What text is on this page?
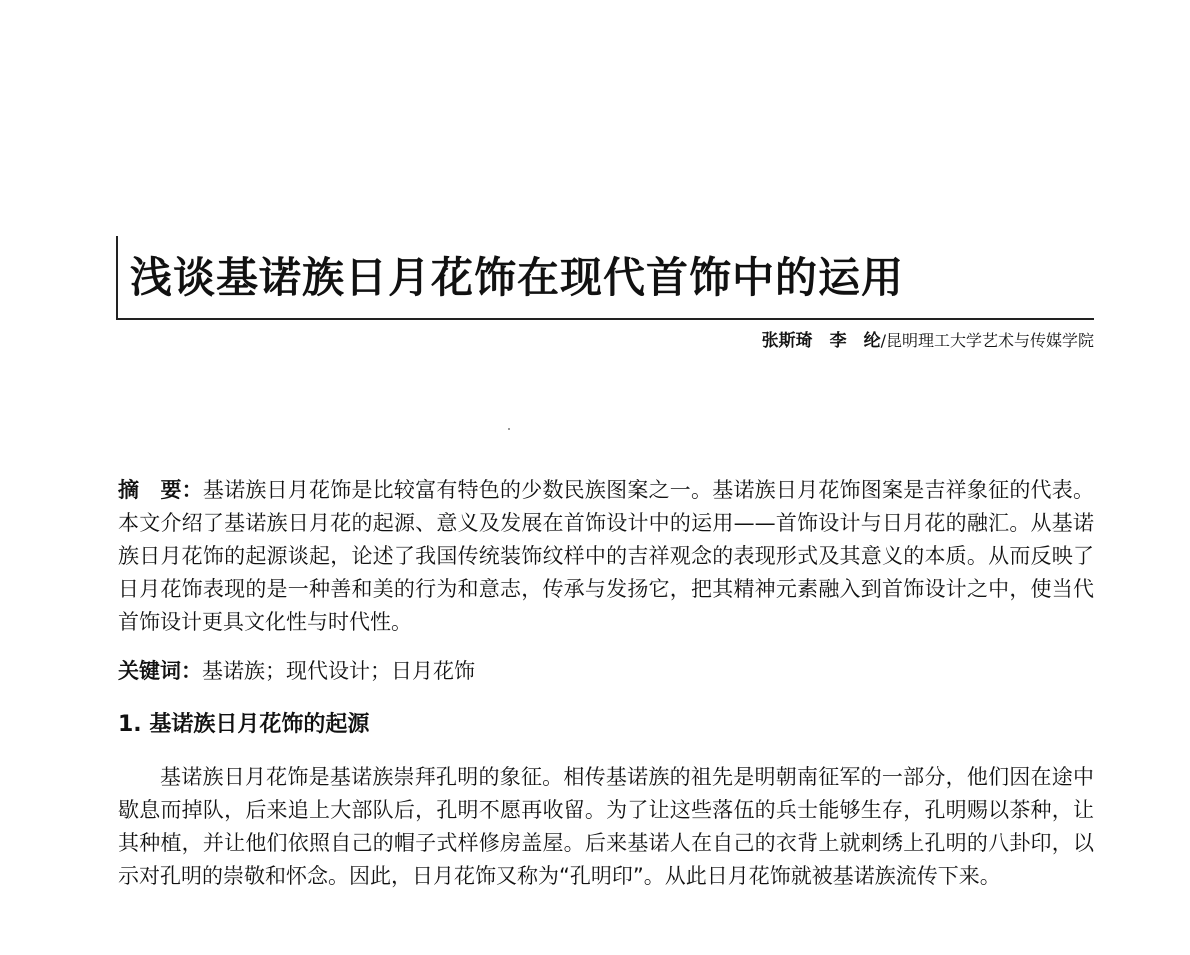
浅谈基诺族日月花饰在现代首饰中的运用
张斯琦　李　纶/昆明理工大学艺术与传媒学院
摘　要：基诺族日月花饰是比较富有特色的少数民族图案之一。基诺族日月花饰图案是吉祥象征的代表。本文介绍了基诺族日月花的起源、意义及发展在首饰设计中的运用——首饰设计与日月花的融汇。从基诺族日月花饰的起源谈起，论述了我国传统装饰纹样中的吉祥观念的表现形式及其意义的本质。从而反映了日月花饰表现的是一种善和美的行为和意志，传承与发扬它，把其精神元素融入到首饰设计之中，使当代首饰设计更具文化性与时代性。
关键词：基诺族；现代设计；日月花饰
1. 基诺族日月花饰的起源
基诺族日月花饰是基诺族崇拜孔明的象征。相传基诺族的祖先是明朝南征军的一部分，他们因在途中歇息而掉队，后来追上大部队后，孔明不愿再收留。为了让这些落伍的兵士能够生存，孔明赐以茶种，让其种植，并让他们依照自己的帽子式样修房盖屋。后来基诺人在自己的衣背上就刺绣上孔明的八卦印，以示对孔明的崇敬和怀念。因此，日月花饰又称为“孔明印”。从此日月花饰就被基诺族流传下来。
